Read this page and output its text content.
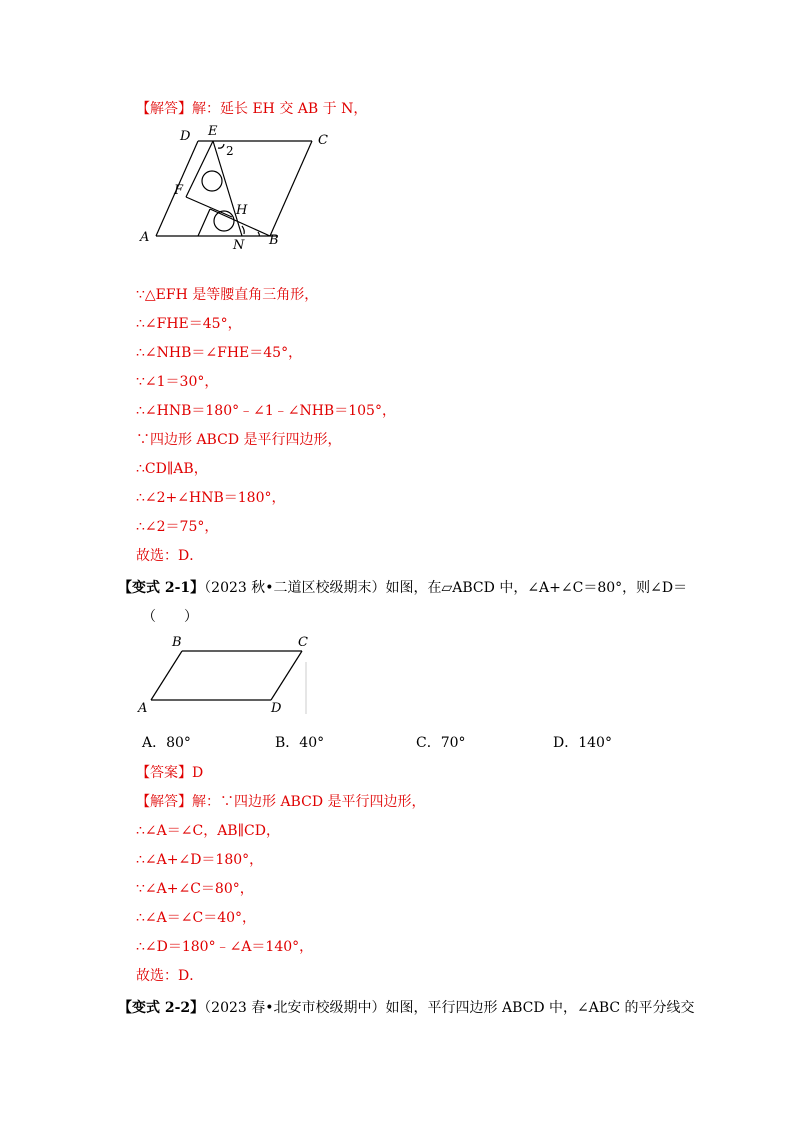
【解答】解：延长 EH 交 AB 于 N，
D E
C
2
F
H
A
N B
∵△EFH 是等腰直角三角形，
∴∠FHE＝45°，
∴∠NHB＝∠FHE＝45°，
∵∠1＝30°，
∴∠HNB＝180°﹣∠1﹣∠NHB＝105°，
∵四边形 ABCD 是平行四边形，
∴CD∥AB，
∴∠2+∠HNB＝180°，
∴∠2＝75°，
故选：D．
【变式 2-1】（2023 秋•二道区校级期末）如图，在▱ABCD 中，∠A+∠C＝80°，则∠D＝
（　　）
B	C
A	D
A．80°	B．40°	C．70°	D．140°
【答案】D
【解答】解：∵四边形 ABCD 是平行四边形，
∴∠A＝∠C，AB∥CD，
∴∠A+∠D＝180°，
∵∠A+∠C＝80°，
∴∠A＝∠C＝40°，
∴∠D＝180°﹣∠A＝140°，
故选：D．
【变式 2-2】（2023 春•北安市校级期中）如图，平行四边形 ABCD 中，∠ABC 的平分线交
